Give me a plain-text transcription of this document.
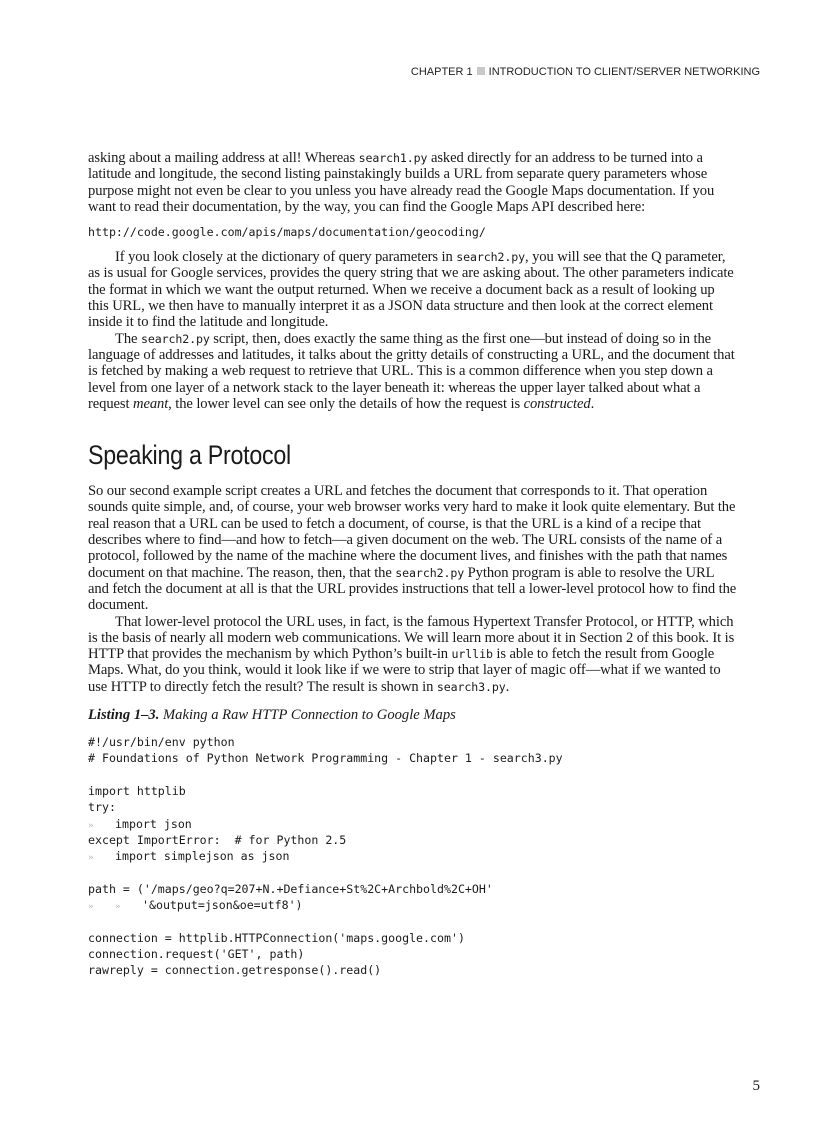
CHAPTER 1 INTRODUCTION TO CLIENT/SERVER NETWORKING

asking about a mailing address at all! Whereas search1.py asked directly for an address to be turned into a latitude and longitude, the second listing painstakingly builds a URL from separate query parameters whose purpose might not even be clear to you unless you have already read the Google Maps documentation. If you want to read their documentation, by the way, you can find the Google Maps API described here:

http://code.google.com/apis/maps/documentation/geocoding/

If you look closely at the dictionary of query parameters in search2.py, you will see that the Q parameter, as is usual for Google services, provides the query string that we are asking about. The other parameters indicate the format in which we want the output returned. When we receive a document back as a result of looking up this URL, we then have to manually interpret it as a JSON data structure and then look at the correct element inside it to find the latitude and longitude.

The search2.py script, then, does exactly the same thing as the first one—but instead of doing so in the language of addresses and latitudes, it talks about the gritty details of constructing a URL, and the document that is fetched by making a web request to retrieve that URL. This is a common difference when you step down a level from one layer of a network stack to the layer beneath it: whereas the upper layer talked about what a request meant, the lower level can see only the details of how the request is constructed.

Speaking a Protocol

So our second example script creates a URL and fetches the document that corresponds to it. That operation sounds quite simple, and, of course, your web browser works very hard to make it look quite elementary. But the real reason that a URL can be used to fetch a document, of course, is that the URL is a kind of a recipe that describes where to find—and how to fetch—a given document on the web. The URL consists of the name of a protocol, followed by the name of the machine where the document lives, and finishes with the path that names document on that machine. The reason, then, that the search2.py Python program is able to resolve the URL and fetch the document at all is that the URL provides instructions that tell a lower-level protocol how to find the document.

That lower-level protocol the URL uses, in fact, is the famous Hypertext Transfer Protocol, or HTTP, which is the basis of nearly all modern web communications. We will learn more about it in Section 2 of this book. It is HTTP that provides the mechanism by which Python’s built-in urllib is able to fetch the result from Google Maps. What, do you think, would it look like if we were to strip that layer of magic off—what if we wanted to use HTTP to directly fetch the result? The result is shown in search3.py.

Listing 1–3. Making a Raw HTTP Connection to Google Maps
#!/usr/bin/env python
# Foundations of Python Network Programming - Chapter 1 - search3.py
import httplib
try:
» import json
except ImportError:  # for Python 2.5
» import simplejson as json
path = ('/maps/geo?q=207+N.+Defiance+St%2C+Archbold%2C+OH'
» » '&output=json&oe=utf8')
connection = httplib.HTTPConnection('maps.google.com')
connection.request('GET', path)
rawreply = connection.getresponse().read()
5
